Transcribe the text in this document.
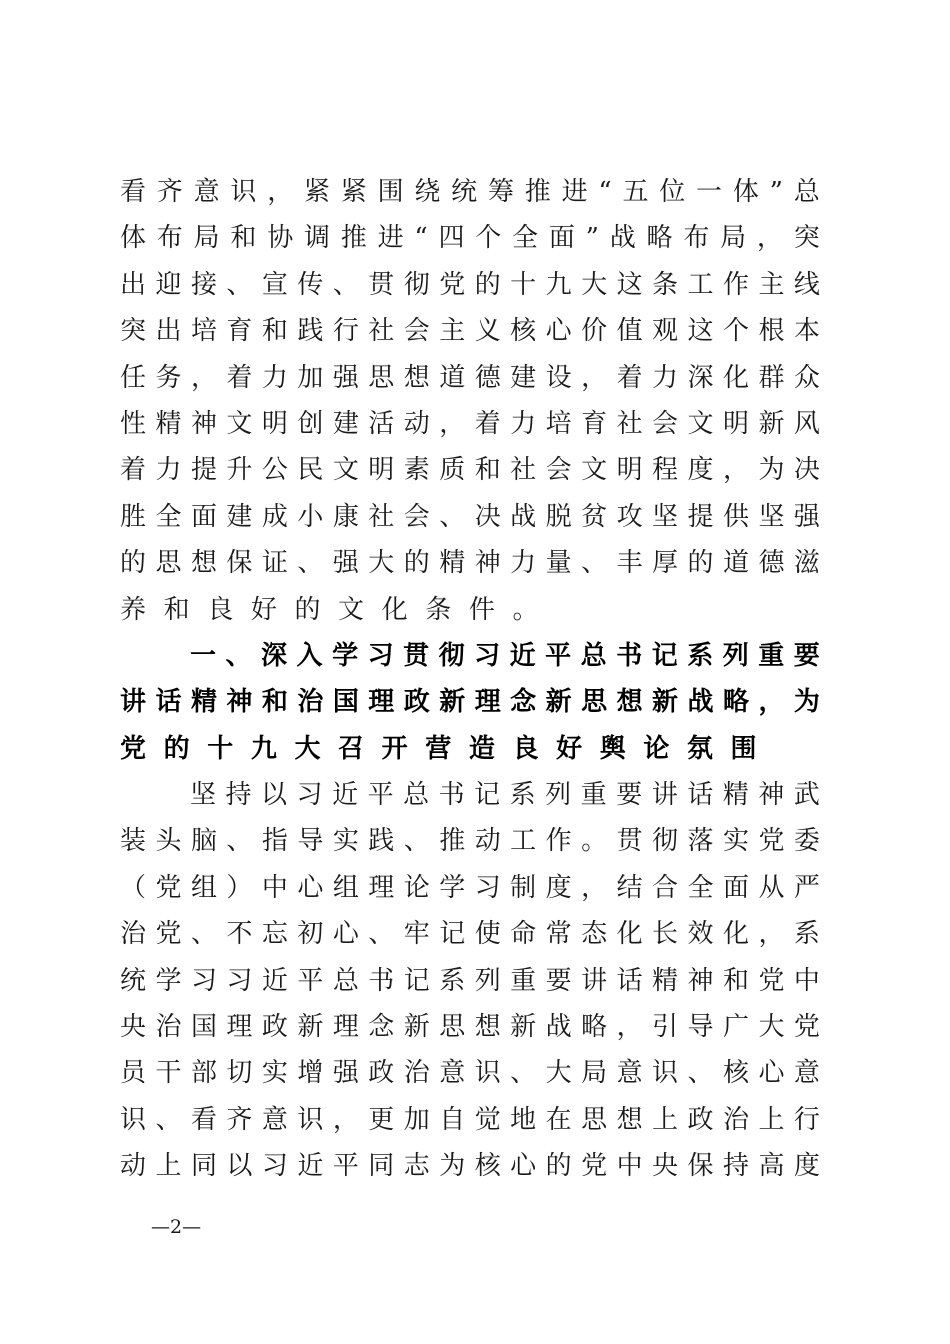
看 齐 意 识 ， 紧 紧 围 绕 统 筹 推 进 “ 五 位 一 体 ” 总
体 布 局 和 协 调 推 进 “ 四 个 全 面 ” 战 略 布 局 ， 突
出 迎 接 、 宣 传 、 贯 彻 党 的 十 九 大 这 条 工 作 主 线
突 出 培 育 和 践 行 社 会 主 义 核 心 价 值 观 这 个 根 本
任 务 ， 着 力 加 强 思 想 道 德 建 设 ， 着 力 深 化 群 众
性 精 神 文 明 创 建 活 动 ， 着 力 培 育 社 会 文 明 新 风
着 力 提 升 公 民 文 明 素 质 和 社 会 文 明 程 度 ， 为 决
胜 全 面 建 成 小 康 社 会 、 决 战 脱 贫 攻 坚 提 供 坚 强
的 思 想 保 证 、 强 大 的 精 神 力 量 、 丰 厚 的 道 德 滋
养 和 良 好 的 文 化 条 件 。
一 、 深 入 学 习 贯 彻 习 近 平 总 书 记 系 列 重 要
讲 话 精 神 和 治 国 理 政 新 理 念 新 思 想 新 战 略 ， 为
党 的 十 九 大 召 开 营 造 良 好 舆 论 氛 围
坚 持 以 习 近 平 总 书 记 系 列 重 要 讲 话 精 神 武
装 头 脑 、 指 导 实 践 、 推 动 工 作 。 贯 彻 落 实 党 委
（ 党 组 ） 中 心 组 理 论 学 习 制 度 ， 结 合 全 面 从 严
治 党 、 不 忘 初 心 、 牢 记 使 命 常 态 化 长 效 化 ， 系
统 学 习 习 近 平 总 书 记 系 列 重 要 讲 话 精 神 和 党 中
央 治 国 理 政 新 理 念 新 思 想 新 战 略 ， 引 导 广 大 党
员 干 部 切 实 增 强 政 治 意 识 、 大 局 意 识 、 核 心 意
识 、 看 齐 意 识 ， 更 加 自 觉 地 在 思 想 上 政 治 上 行
动 上 同 以 习 近 平 同 志 为 核 心 的 党 中 央 保 持 高 度
—2—
